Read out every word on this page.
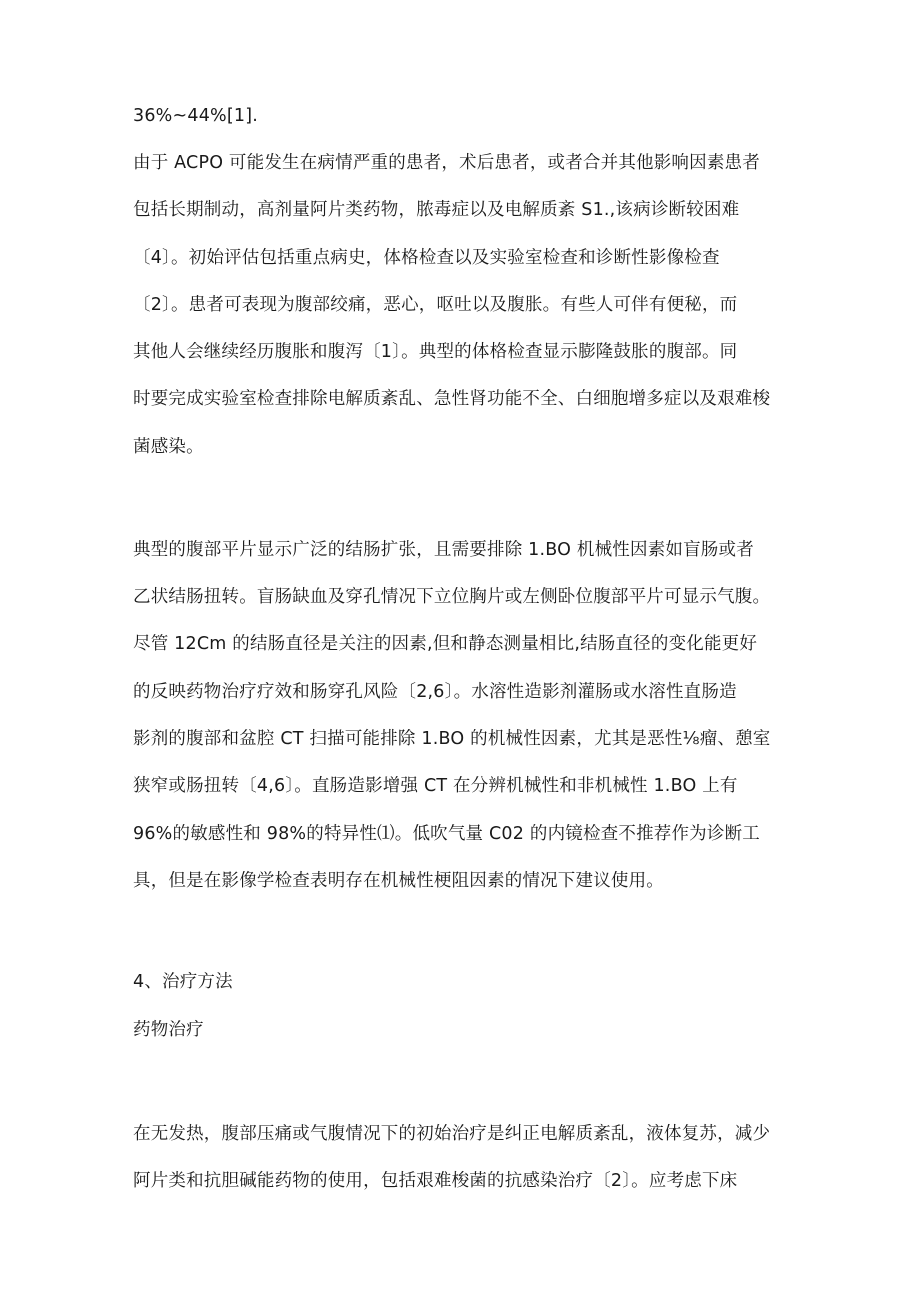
36%~44%[1].
由于 ACPO 可能发生在病情严重的患者，术后患者，或者合并其他影响因素患者
包括长期制动，高剂量阿片类药物，脓毒症以及电解质紊 S1.,该病诊断较困难
〔4〕。初始评估包括重点病史，体格检查以及实验室检查和诊断性影像检查
〔2〕。患者可表现为腹部绞痛，恶心，呕吐以及腹胀。有些人可伴有便秘，而
其他人会继续经历腹胀和腹泻〔1〕。典型的体格检查显示膨隆鼓胀的腹部。同
时要完成实验室检查排除电解质紊乱、急性肾功能不全、白细胞增多症以及艰难梭
菌感染。
典型的腹部平片显示广泛的结肠扩张，且需要排除 1.BO 机械性因素如盲肠或者
乙状结肠扭转。盲肠缺血及穿孔情况下立位胸片或左侧卧位腹部平片可显示气腹。
尽管 12Cm 的结肠直径是关注的因素,但和静态测量相比,结肠直径的变化能更好
的反映药物治疗疗效和肠穿孔风险〔2,6〕。水溶性造影剂灌肠或水溶性直肠造
影剂的腹部和盆腔 CT 扫描可能排除 1.BO 的机械性因素，尤其是恶性⅛瘤、憩室
狭窄或肠扭转〔4,6〕。直肠造影增强 CT 在分辨机械性和非机械性 1.BO 上有
96%的敏感性和 98%的特异性⑴。低吹气量 C02 的内镜检查不推荐作为诊断工
具，但是在影像学检查表明存在机械性梗阻因素的情况下建议使用。
4、治疗方法
药物治疗
在无发热，腹部压痛或气腹情况下的初始治疗是纠正电解质紊乱，液体复苏，减少
阿片类和抗胆碱能药物的使用，包括艰难梭菌的抗感染治疗〔2〕。应考虑下床
